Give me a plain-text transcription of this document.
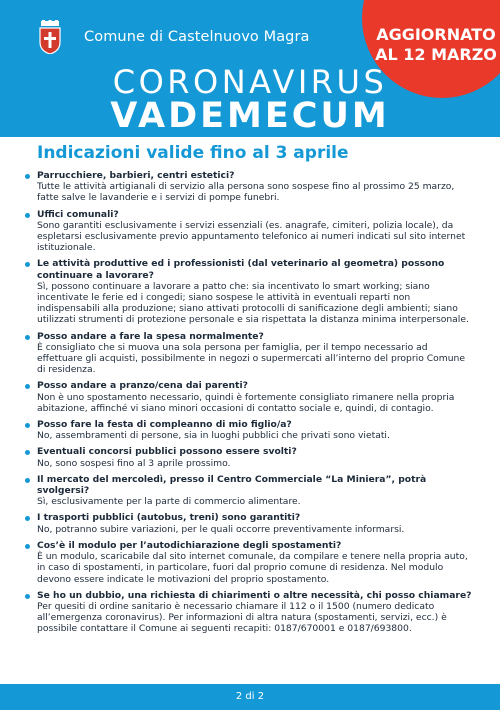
Comune di Castelnuovo Magra	AGGIORNATO
AL 12 MARZO
CORONAVIRUS
VADEMECUM
Indicazioni valide fino al 3 aprile
Parrucchiere, barbieri, centri estetici?
Tutte le attività artigianali di servizio alla persona sono sospese fino al prossimo 25 marzo, fatte salve le lavanderie e i servizi di pompe funebri.
Uffici comunali?
Sono garantiti esclusivamente i servizi essenziali (es. anagrafe, cimiteri, polizia locale), da espletarsi esclusivamente previo appuntamento telefonico ai numeri indicati sul sito internet istituzionale.
Le attività produttive ed i professionisti (dal veterinario al geometra) possono continuare a lavorare?
Sì, possono continuare a lavorare a patto che: sia incentivato lo smart working; siano incentivate le ferie ed i congedi; siano sospese le attività in eventuali reparti non indispensabili alla produzione; siano attivati protocolli di sanificazione degli ambienti; siano utilizzati strumenti di protezione personale e sia rispettata la distanza minima interpersonale.
Posso andare a fare la spesa normalmente?
È consigliato che si muova una sola persona per famiglia, per il tempo necessario ad effettuare gli acquisti, possibilmente in negozi o supermercati all’interno del proprio Comune di residenza.
Posso andare a pranzo/cena dai parenti?
Non è uno spostamento necessario, quindi è fortemente consigliato rimanere nella propria abitazione, affinché vi siano minori occasioni di contatto sociale e, quindi, di contagio.
Posso fare la festa di compleanno di mio figlio/a?
No, assembramenti di persone, sia in luoghi pubblici che privati sono vietati.
Eventuali concorsi pubblici possono essere svolti?
No, sono sospesi fino al 3 aprile prossimo.
Il mercato del mercoledì, presso il Centro Commerciale “La Miniera”, potrà svolgersi?
Sì, esclusivamente per la parte di commercio alimentare.
I trasporti pubblici (autobus, treni) sono garantiti?
No, potranno subire variazioni, per le quali occorre preventivamente informarsi.
Cos’è il modulo per l’autodichiarazione degli spostamenti?
È un modulo, scaricabile dal sito internet comunale, da compilare e tenere nella propria auto, in caso di spostamenti, in particolare, fuori dal proprio comune di residenza. Nel modulo devono essere indicate le motivazioni del proprio spostamento.
Se ho un dubbio, una richiesta di chiarimenti o altre necessità, chi posso chiamare?
Per quesiti di ordine sanitario è necessario chiamare il 112 o il 1500 (numero dedicato all’emergenza coronavirus). Per informazioni di altra natura (spostamenti, servizi, ecc.) è possibile contattare il Comune ai seguenti recapiti: 0187/670001 e 0187/693800.
2 di 2
